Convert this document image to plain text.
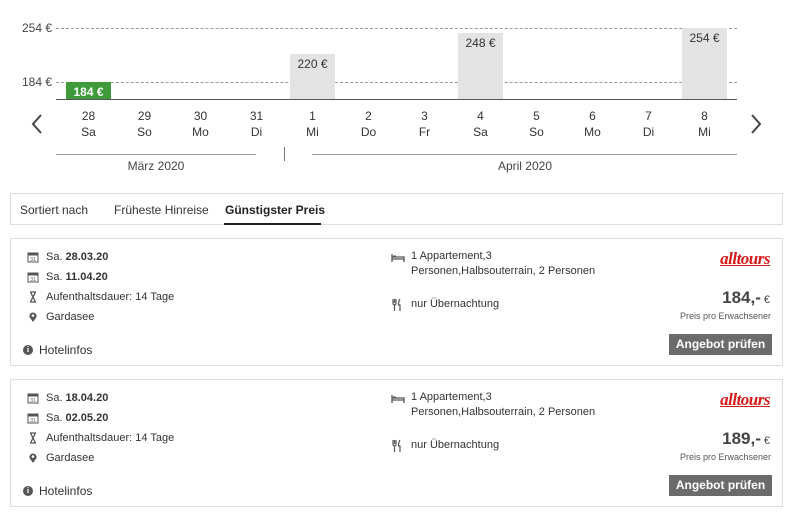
254 €
184 €
184 €
220 €
248 €	254 €
28
Sa
29
So
30
Mo
31
Di
1
Mi
2
Do
3
Fr
4
Sa
5
So
6
Mo
7
Di
8
Mi
März 2020	April 2020
Sortiert nach Früheste Hinreise Günstigster Preis
31 Sa. 28.03.20
31 Sa. 11.04.20
Aufenthaltsdauer: 14 Tage
Gardasee
1 Appartement,3 Personen,Halbsouterrain, 2 Personen
nur Übernachtung
alltours
184,- €
Preis pro Erwachsener
Angebot prüfen
i Hotelinfos
31 Sa. 18.04.20
31 Sa. 02.05.20
Aufenthaltsdauer: 14 Tage
Gardasee
1 Appartement,3 Personen,Halbsouterrain, 2 Personen
nur Übernachtung
alltours
189,- €
Preis pro Erwachsener
Angebot prüfen
i Hotelinfos
